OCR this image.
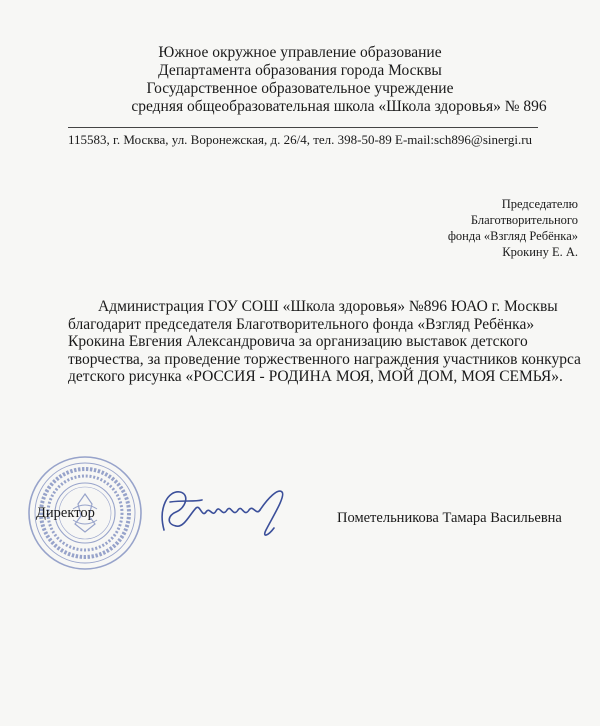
Южное окружное управление образование
Департамента образования города Москвы
Государственное образовательное учреждение
средняя общеобразовательная школа «Школа здоровья» № 896
115583, г. Москва, ул. Воронежская, д. 26/4, тел. 398-50-89 E-mail:sch896@sinergi.ru
Председателю
Благотворительного
фонда «Взгляд Ребёнка»
Крокину Е. А.
Администрация ГОУ СОШ «Школа здоровья» №896 ЮАО г. Москвы
благодарит председателя Благотворительного фонда «Взгляд Ребёнка»
Крокина Евгения Александровича за организацию выставок детского
творчества, за проведение торжественного награждения участников конкурса
детского рисунка «РОССИЯ - РОДИНА МОЯ, МОЙ ДОМ, МОЯ СЕМЬЯ».
Директор	Пометельникова Тамара Васильевна
